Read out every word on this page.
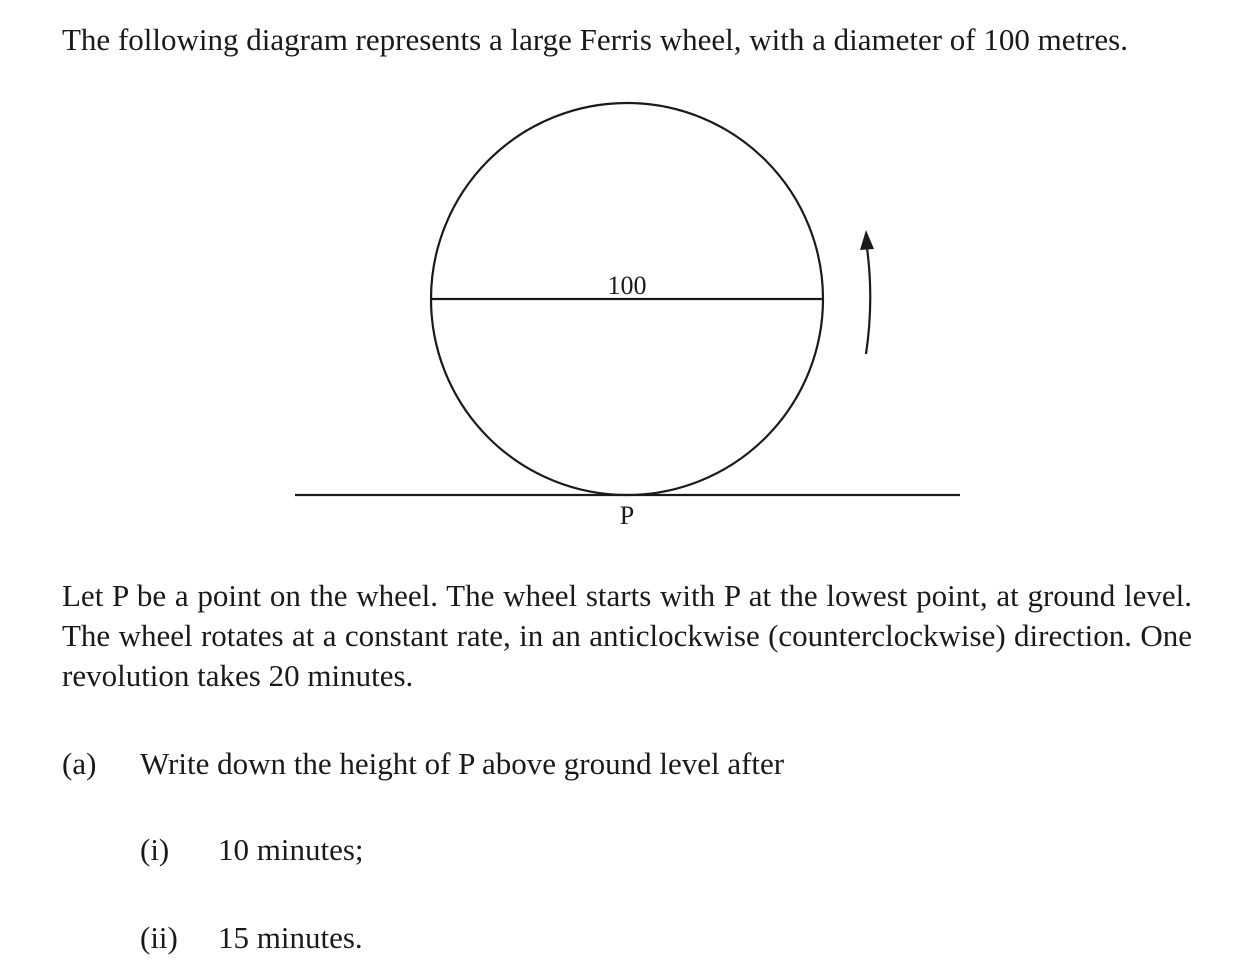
The following diagram represents a large Ferris wheel, with a diameter of 100 metres.

100
P

Let P be a point on the wheel. The wheel starts with P at the lowest point, at ground level. The wheel rotates at a constant rate, in an anticlockwise (counterclockwise) direction. One revolution takes 20 minutes.

(a) Write down the height of P above ground level after

(i) 10 minutes;

(ii) 15 minutes.
